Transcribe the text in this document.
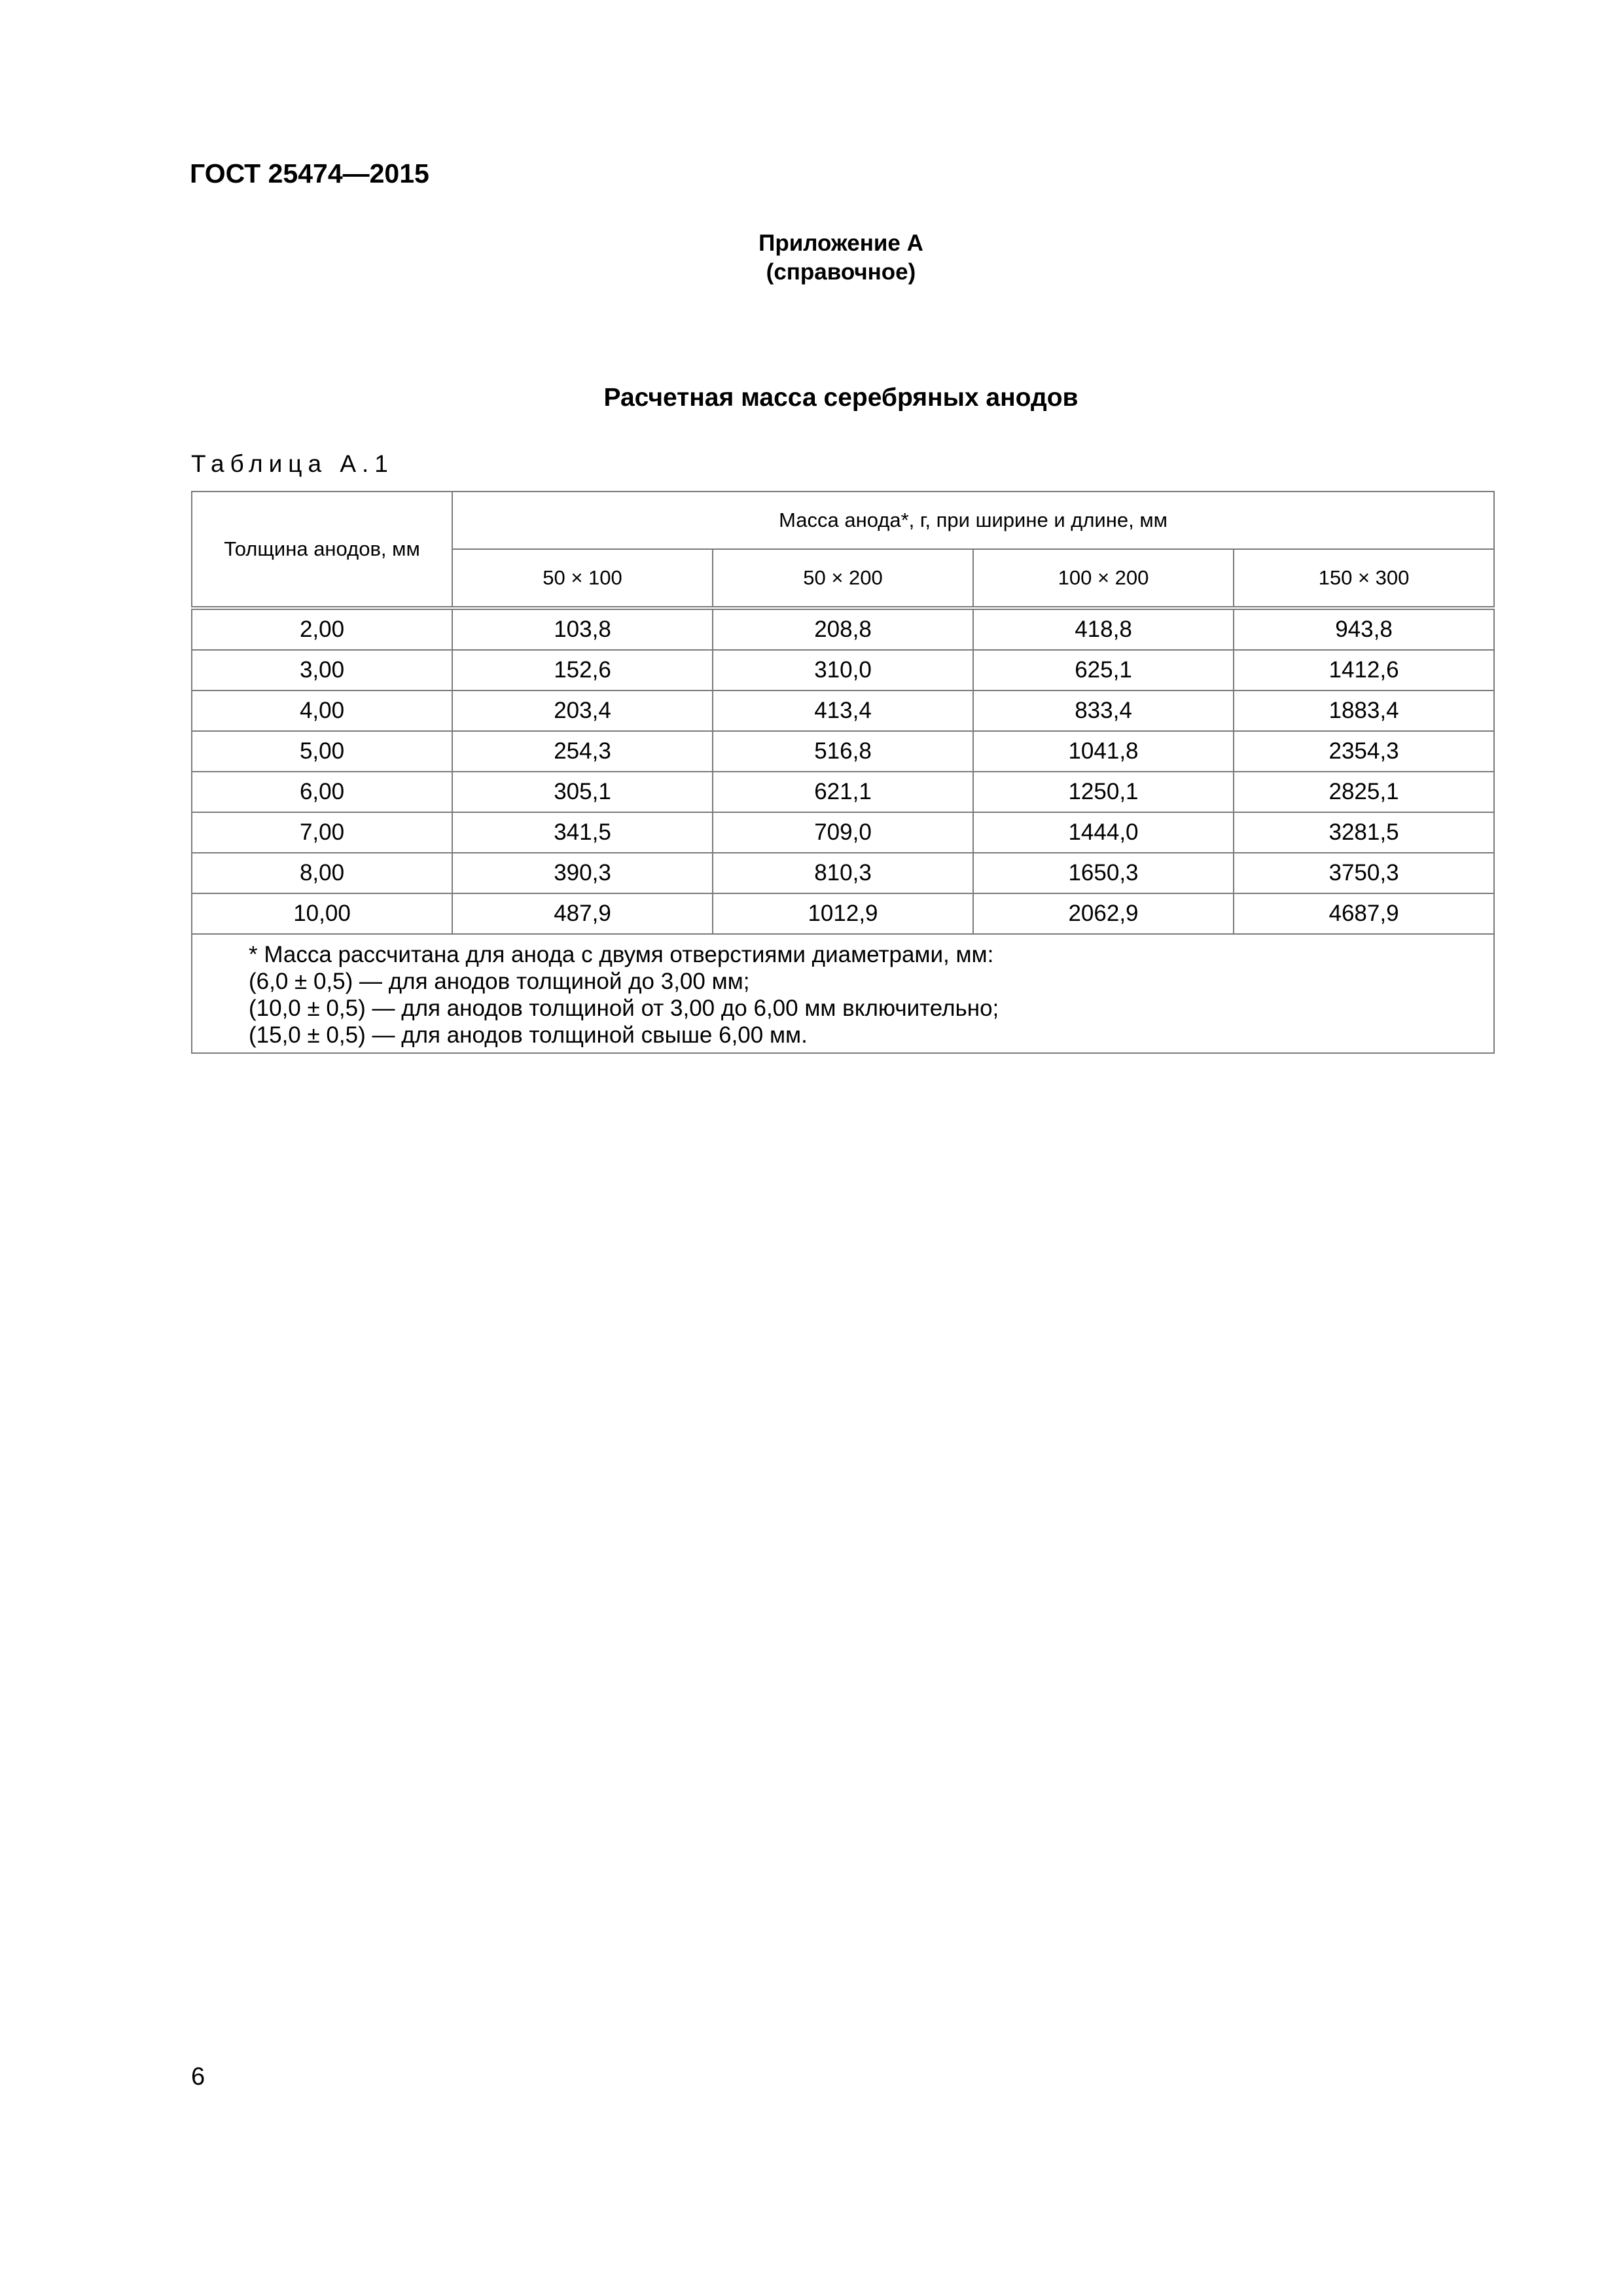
ГОСТ 25474—2015
Приложение А
(справочное)
Расчетная масса серебряных анодов
Таблица А.1
Толщина анодов, мм	Масса анода*, г, при ширине и длине, мм			
	50 × 100	50 × 200	100 × 200	150 × 300
2,00	103,8	208,8	418,8	943,8
3,00	152,6	310,0	625,1	1412,6
4,00	203,4	413,4	833,4	1883,4
5,00	254,3	516,8	1041,8	2354,3
6,00	305,1	621,1	1250,1	2825,1
7,00	341,5	709,0	1444,0	3281,5
8,00	390,3	810,3	1650,3	3750,3
10,00	487,9	1012,9	2062,9	4687,9

* Масса рассчитана для анода с двумя отверстиями диаметрами, мм:
(6,0 ± 0,5) — для анодов толщиной до 3,00 мм;
(10,0 ± 0,5) — для анодов толщиной от 3,00 до 6,00 мм включительно;
(15,0 ± 0,5) — для анодов толщиной свыше 6,00 мм.				
6
